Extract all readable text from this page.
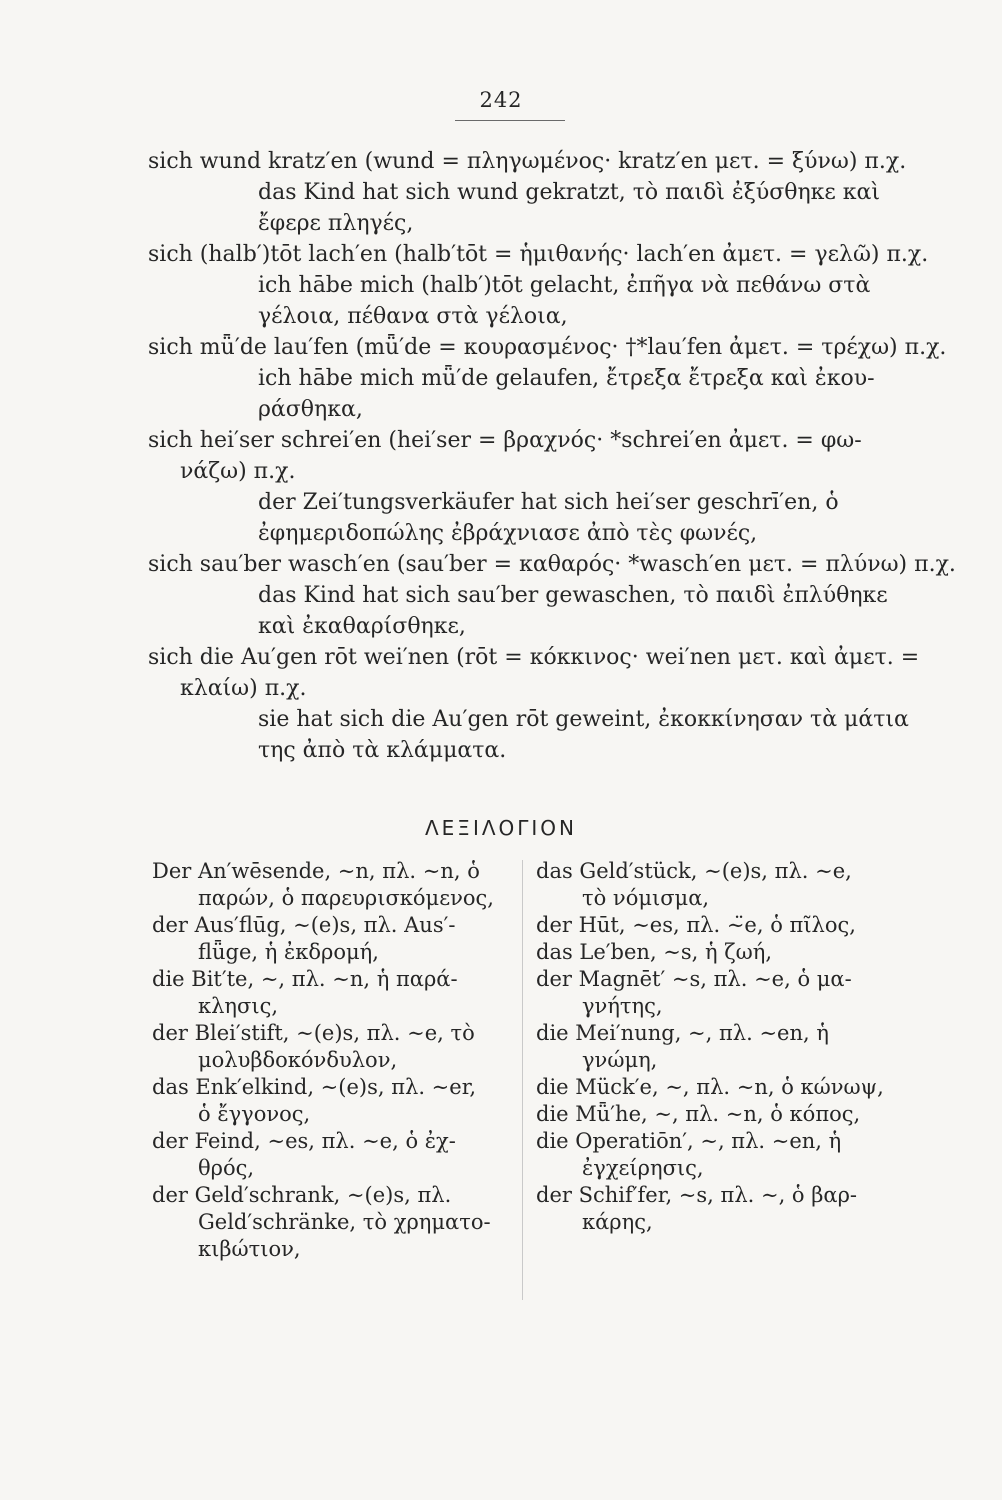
242
sich wund kratz′en (wund = πληγωμένος· kratz′en μετ. = ξύνω) π.χ.
das Kind hat sich wund gekratzt, τὸ παιδὶ ἐξύσθηκε καὶ
ἔφερε πληγές,
sich (halb′)tōt lach′en (halb′tōt = ἡμιθανής· lach′en ἀμετ. = γελῶ) π.χ.
ich hābe mich (halb′)tōt gelacht, ἐπῆγα νὰ πεθάνω στὰ
γέλοια, πέθανα στὰ γέλοια,
sich mǖ′de lau′fen (mǖ′de = κουρασμένος· †*lau′fen ἀμετ. = τρέχω) π.χ.
ich hābe mich mǖ′de gelaufen, ἔτρεξα ἔτρεξα καὶ ἐκου-
ράσθηκα,
sich hei′ser schrei′en (hei′ser = βραχνός· *schrei′en ἀμετ. = φω-
νάζω) π.χ.
der Zei′tungsverkäufer hat sich hei′ser geschrī′en, ὁ
ἐφημεριδοπώλης ἐβράχνιασε ἀπὸ τὲς φωνές,
sich sau′ber wasch′en (sau′ber = καθαρός· *wasch′en μετ. = πλύνω) π.χ.
das Kind hat sich sau′ber gewaschen, τὸ παιδὶ ἐπλύθηκε
καὶ ἐκαθαρίσθηκε,
sich die Au′gen rōt wei′nen (rōt = κόκκινος· wei′nen μετ. καὶ ἀμετ. =
κλαίω) π.χ.
sie hat sich die Au′gen rōt geweint, ἐκοκκίνησαν τὰ μάτια
της ἀπὸ τὰ κλάμματα.
ΛΕΞΙΛΟΓΙΟΝ
Der An′wēsende, ∼n, πλ. ∼n, ὁ
παρών, ὁ παρευρισκόμενος,
der Aus′flūg, ∼(e)s, πλ. Aus′-
flǖge, ἡ ἐκδρομή,
die Bit′te, ∼, πλ. ∼n, ἡ παρά-
κλησις,
der Blei′stift, ∼(e)s, πλ. ∼e, τὸ
μολυβδοκόνδυλον,
das Enk′elkind, ∼(e)s, πλ. ∼er,
ὁ ἔγγονος,
der Feind, ∼es, πλ. ∼e, ὁ ἐχ-
θρός,
der Geld′schrank, ∼(e)s, πλ.
Geld′schränke, τὸ χρηματο-
κιβώτιον,
das Geld′stück, ∼(e)s, πλ. ∼e,
τὸ νόμισμα,
der Hūt, ∼es, πλ. ∼̈e, ὁ πῖλος,
das Le′ben, ∼s, ἡ ζωή,
der Magnēt′ ∼s, πλ. ∼e, ὁ μα-
γνήτης,
die Mei′nung, ∼, πλ. ∼en, ἡ
γνώμη,
die Mück′e, ∼, πλ. ∼n, ὁ κώνωψ,
die Mǖ′he, ∼, πλ. ∼n, ὁ κόπος,
die Operatiōn′, ∼, πλ. ∼en, ἡ
ἐγχείρησις,
der Schif′fer, ∼s, πλ. ∼, ὁ βαρ-
κάρης,
